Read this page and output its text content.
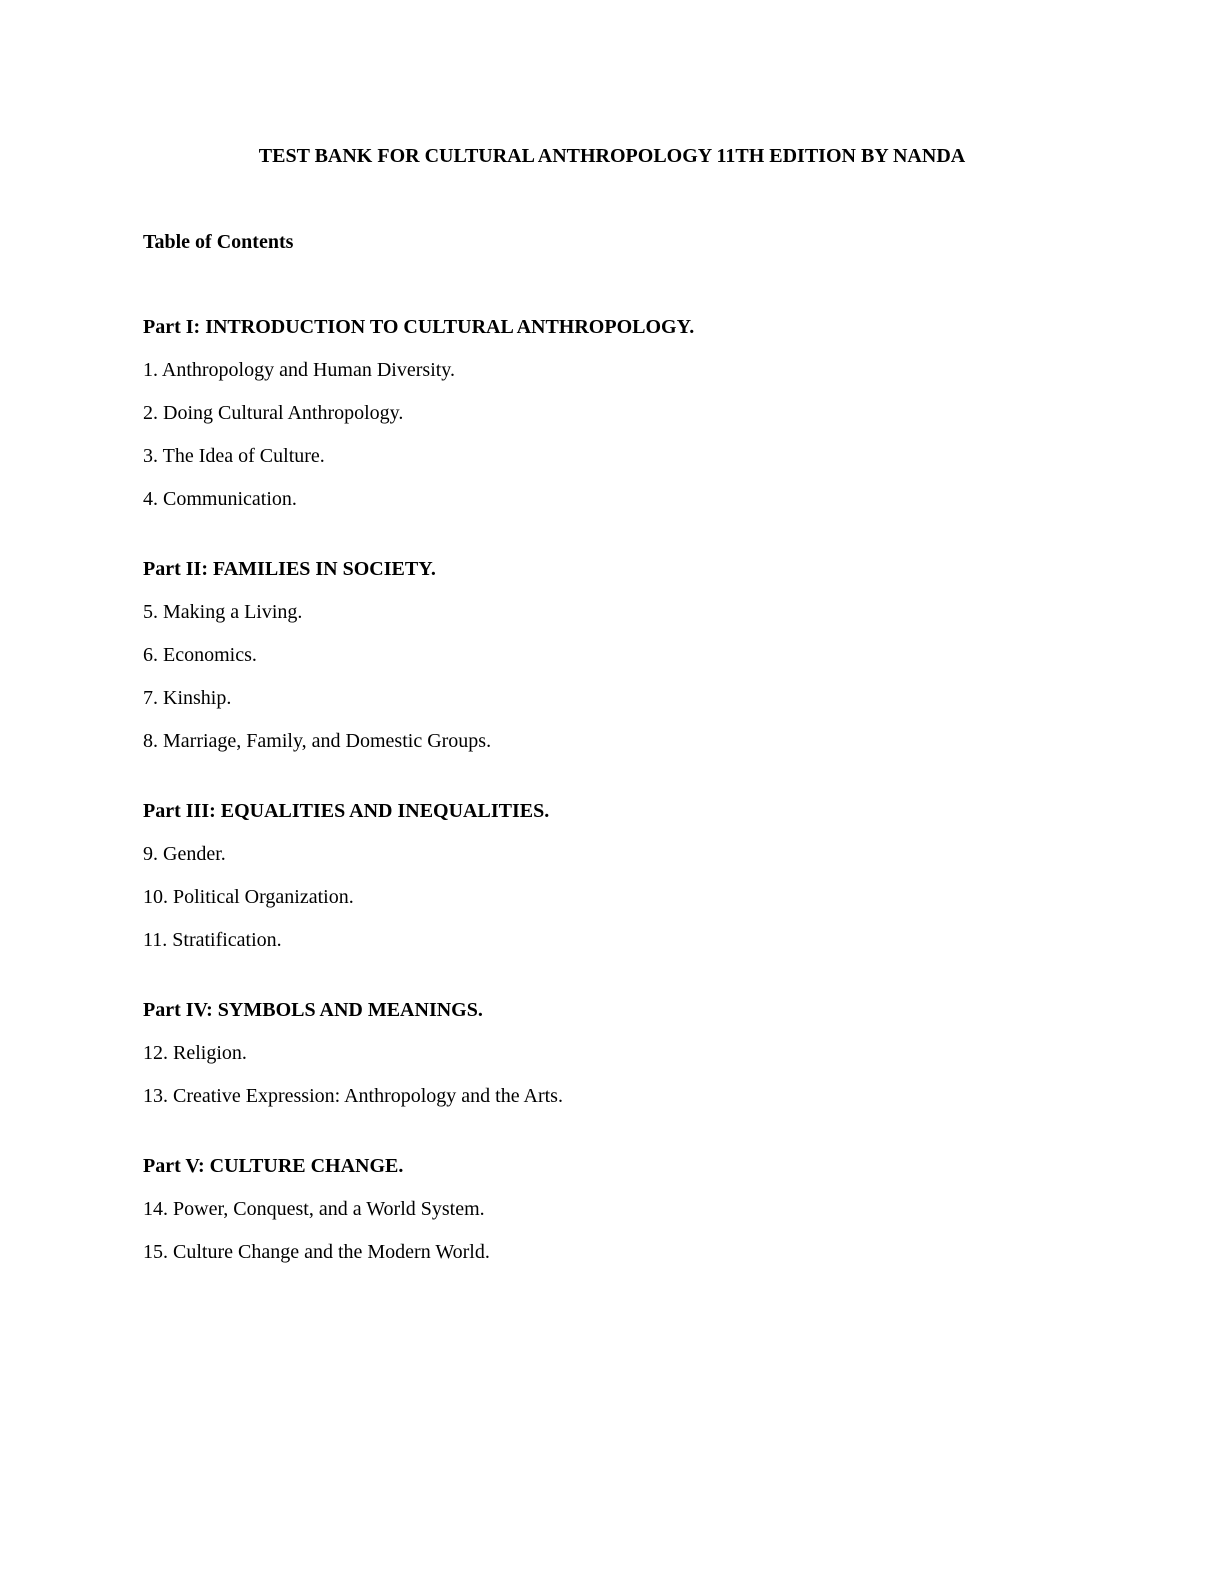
TEST BANK FOR CULTURAL ANTHROPOLOGY 11TH EDITION BY NANDA
Table of Contents
Part I: INTRODUCTION TO CULTURAL ANTHROPOLOGY.
1. Anthropology and Human Diversity.
2. Doing Cultural Anthropology.
3. The Idea of Culture.
4. Communication.
Part II: FAMILIES IN SOCIETY.
5. Making a Living.
6. Economics.
7. Kinship.
8. Marriage, Family, and Domestic Groups.
Part III: EQUALITIES AND INEQUALITIES.
9. Gender.
10. Political Organization.
11. Stratification.
Part IV: SYMBOLS AND MEANINGS.
12. Religion.
13. Creative Expression: Anthropology and the Arts.
Part V: CULTURE CHANGE.
14. Power, Conquest, and a World System.
15. Culture Change and the Modern World.
